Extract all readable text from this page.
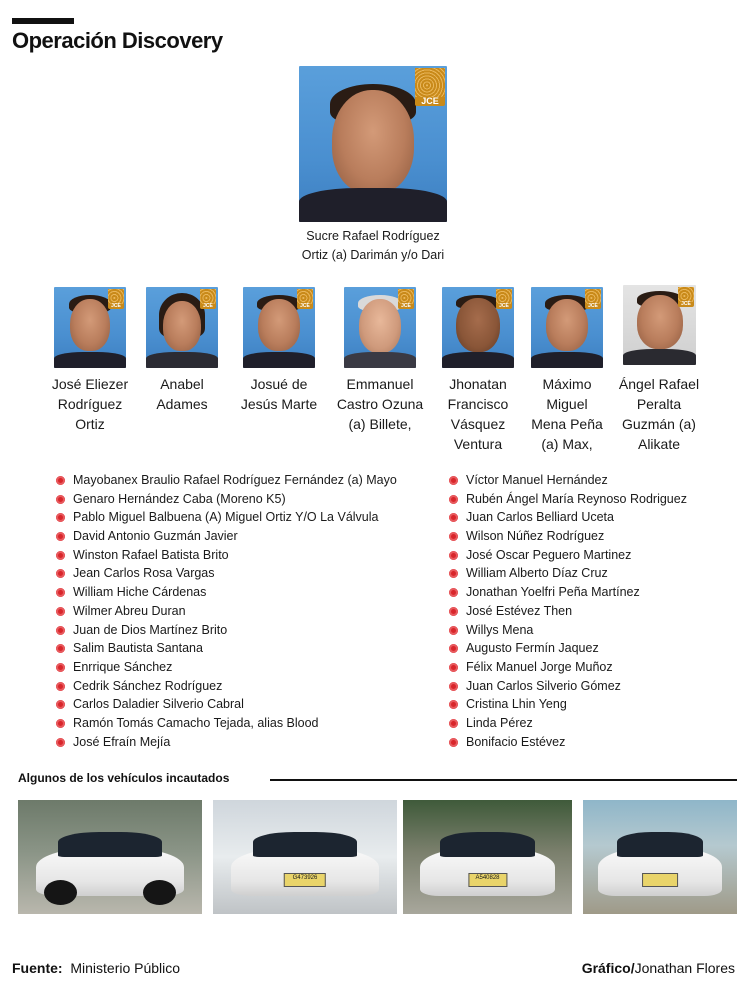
Operación Discovery
JCE
Sucre Rafael Rodríguez
Ortiz (a) Darimán y/o Dari
JCE	JCE	JCE	JCE	JCE	JCE	JCE
José Eliezer
Rodríguez
Ortiz
Anabel
Adames
Josué de
Jesús Marte
Emmanuel
Castro Ozuna
(a) Billete,
Jhonatan
Francisco
Vásquez
Ventura
Máximo
Miguel
Mena Peña
(a) Max,
Ángel Rafael
Peralta
Guzmán (a)
Alikate
Mayobanex Braulio Rafael Rodríguez Fernández (a) Mayo
Genaro Hernández Caba (Moreno K5)
Pablo Miguel Balbuena (A) Miguel Ortiz Y/O La Válvula
David Antonio Guzmán Javier
Winston Rafael Batista Brito
Jean Carlos Rosa Vargas
William Hiche Cárdenas
Wilmer Abreu Duran
Juan de Dios Martínez Brito
Salim Bautista Santana
Enrrique Sánchez
Cedrik Sánchez Rodríguez
Carlos Daladier Silverio Cabral
Ramón Tomás Camacho Tejada, alias Blood
José Efraín Mejía
Víctor Manuel Hernández
Rubén Ángel María Reynoso Rodriguez
Juan Carlos Belliard Uceta
Wilson Núñez Rodríguez
José Oscar Peguero Martinez
William Alberto Díaz Cruz
Jonathan Yoelfri Peña Martínez
José Estévez Then
Willys Mena
Augusto Fermín Jaquez
Félix Manuel Jorge Muñoz
Juan Carlos Silverio Gómez
Cristina Lhin Yeng
Linda Pérez
Bonifacio Estévez
Algunos de los vehículos incautados
G473926	A540828
Fuente: Ministerio Público	Gráfico/Jonathan Flores
